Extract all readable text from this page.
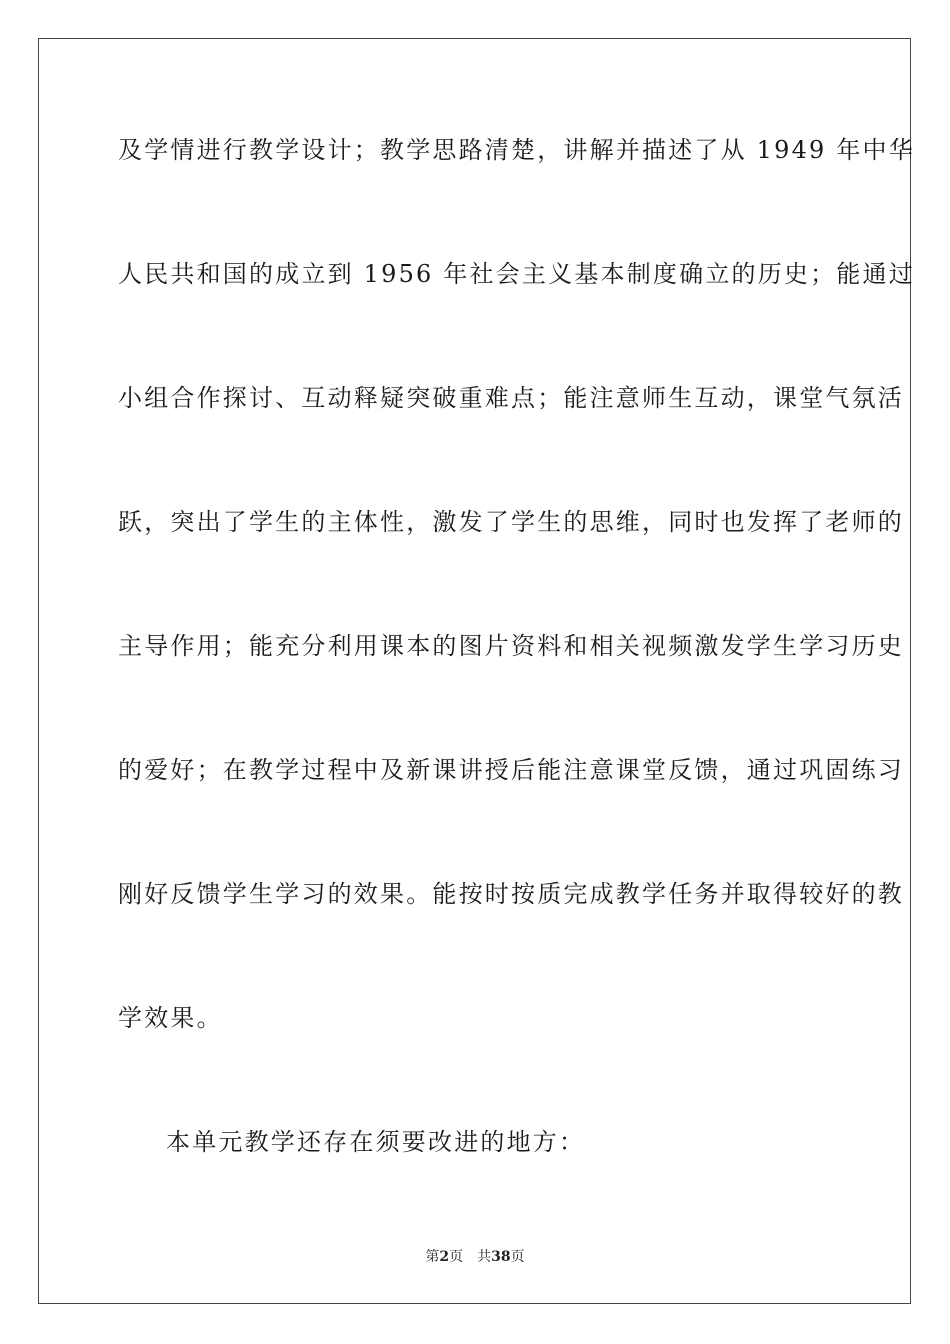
及学情进行教学设计；教学思路清楚，讲解并描述了从 1949 年中华
人民共和国的成立到 1956 年社会主义基本制度确立的历史；能通过
小组合作探讨、互动释疑突破重难点；能注意师生互动，课堂气氛活
跃，突出了学生的主体性，激发了学生的思维，同时也发挥了老师的
主导作用；能充分利用课本的图片资料和相关视频激发学生学习历史
的爱好；在教学过程中及新课讲授后能注意课堂反馈，通过巩固练习
刚好反馈学生学习的效果。能按时按质完成教学任务并取得较好的教
学效果。
本单元教学还存在须要改进的地方：
第2页 共38页
